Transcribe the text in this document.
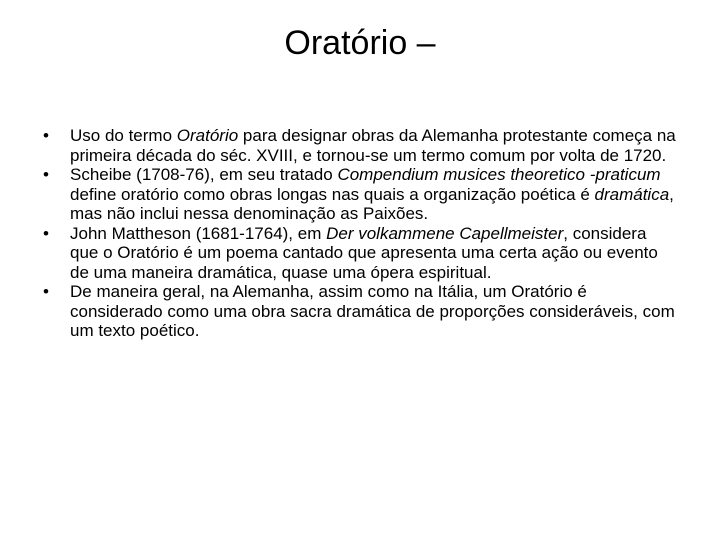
Oratório –
•	Uso do termo Oratório para designar obras da Alemanha protestante começa na primeira década do séc. XVIII, e tornou-se um termo comum por volta de 1720.
•	Scheibe (1708-76), em seu tratado Compendium musices theoretico -praticum define oratório como obras longas nas quais a organização poética é dramática, mas não inclui nessa denominação as Paixões.
•	John Mattheson (1681-1764), em Der volkammene Capellmeister, considera que o Oratório é um poema cantado que apresenta uma certa ação ou evento de uma maneira dramática, quase uma ópera espiritual.
•	De maneira geral, na Alemanha, assim como na Itália, um Oratório é considerado como uma obra sacra dramática de proporções consideráveis, com um texto poético.
